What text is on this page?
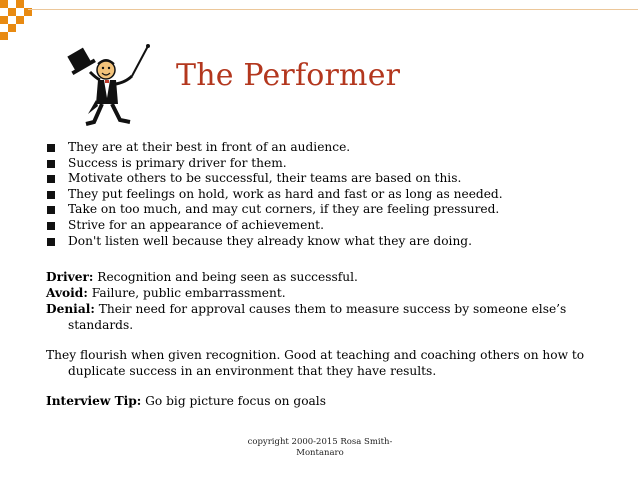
The Performer
They are at their best in front of an audience.
Success is primary driver for them.
Motivate others to be successful, their teams are based on this.
They put feelings on hold, work as hard and fast or as long as needed.
Take on too much, and may cut corners, if they are feeling pressured.
Strive for an appearance of achievement.
Don't listen well because they already know what they are doing.

Driver: Recognition and being seen as successful.

Avoid: Failure, public embarrassment.

Denial: Their need for approval causes them to measure success by someone else’s standards.

They flourish when given recognition. Good at teaching and coaching others on how to duplicate success in an environment that they have results.

Interview Tip: Go big picture focus on goals

copyright 2000-2015 Rosa Smith-Montanaro
